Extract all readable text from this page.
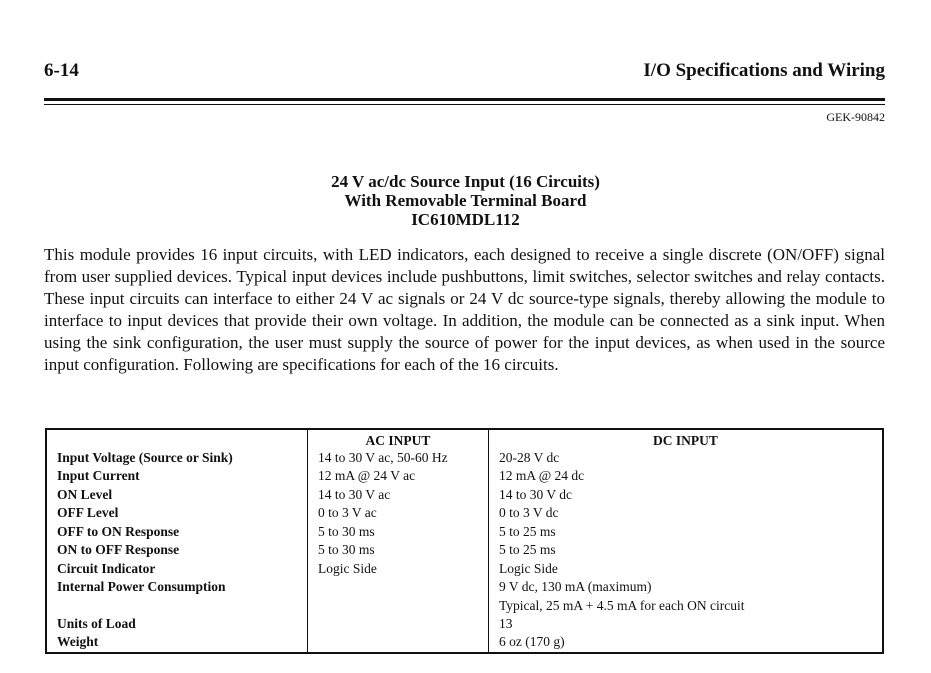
6-14	I/O Specifications and Wiring
GEK-90842
24 V ac/dc Source Input (16 Circuits)
With Removable Terminal Board
IC610MDL112
This module provides 16 input circuits, with LED indicators, each designed to receive a single discrete (ON/OFF) signal from user supplied devices. Typical input devices include pushbuttons, limit switches, selector switches and relay contacts. These input circuits can interface to either 24 V ac signals or 24 V dc source-type signals, thereby allowing the module to interface to input devices that provide their own voltage. In addition, the module can be connected as a sink input. When using the sink configuration, the user must supply the source of power for the input devices, as when used in the source input configuration. Following are specifications for each of the 16 circuits.
	AC INPUT	DC INPUT
Input Voltage (Source or Sink)	14 to 30 V ac, 50-60 Hz	20-28 V dc
Input Current	12 mA @ 24 V ac	12 mA @ 24 dc
ON Level	14 to 30 V ac	14 to 30 V dc
OFF Level	0 to 3 V ac	0 to 3 V dc
OFF to ON Response	5 to 30 ms	5 to 25 ms
ON to OFF Response	5 to 30 ms	5 to 25 ms
Circuit Indicator	Logic Side	Logic Side
Internal Power Consumption		9 V dc, 130 mA (maximum)
		Typical, 25 mA + 4.5 mA for each ON circuit
Units of Load		13
Weight		6 oz (170 g)
